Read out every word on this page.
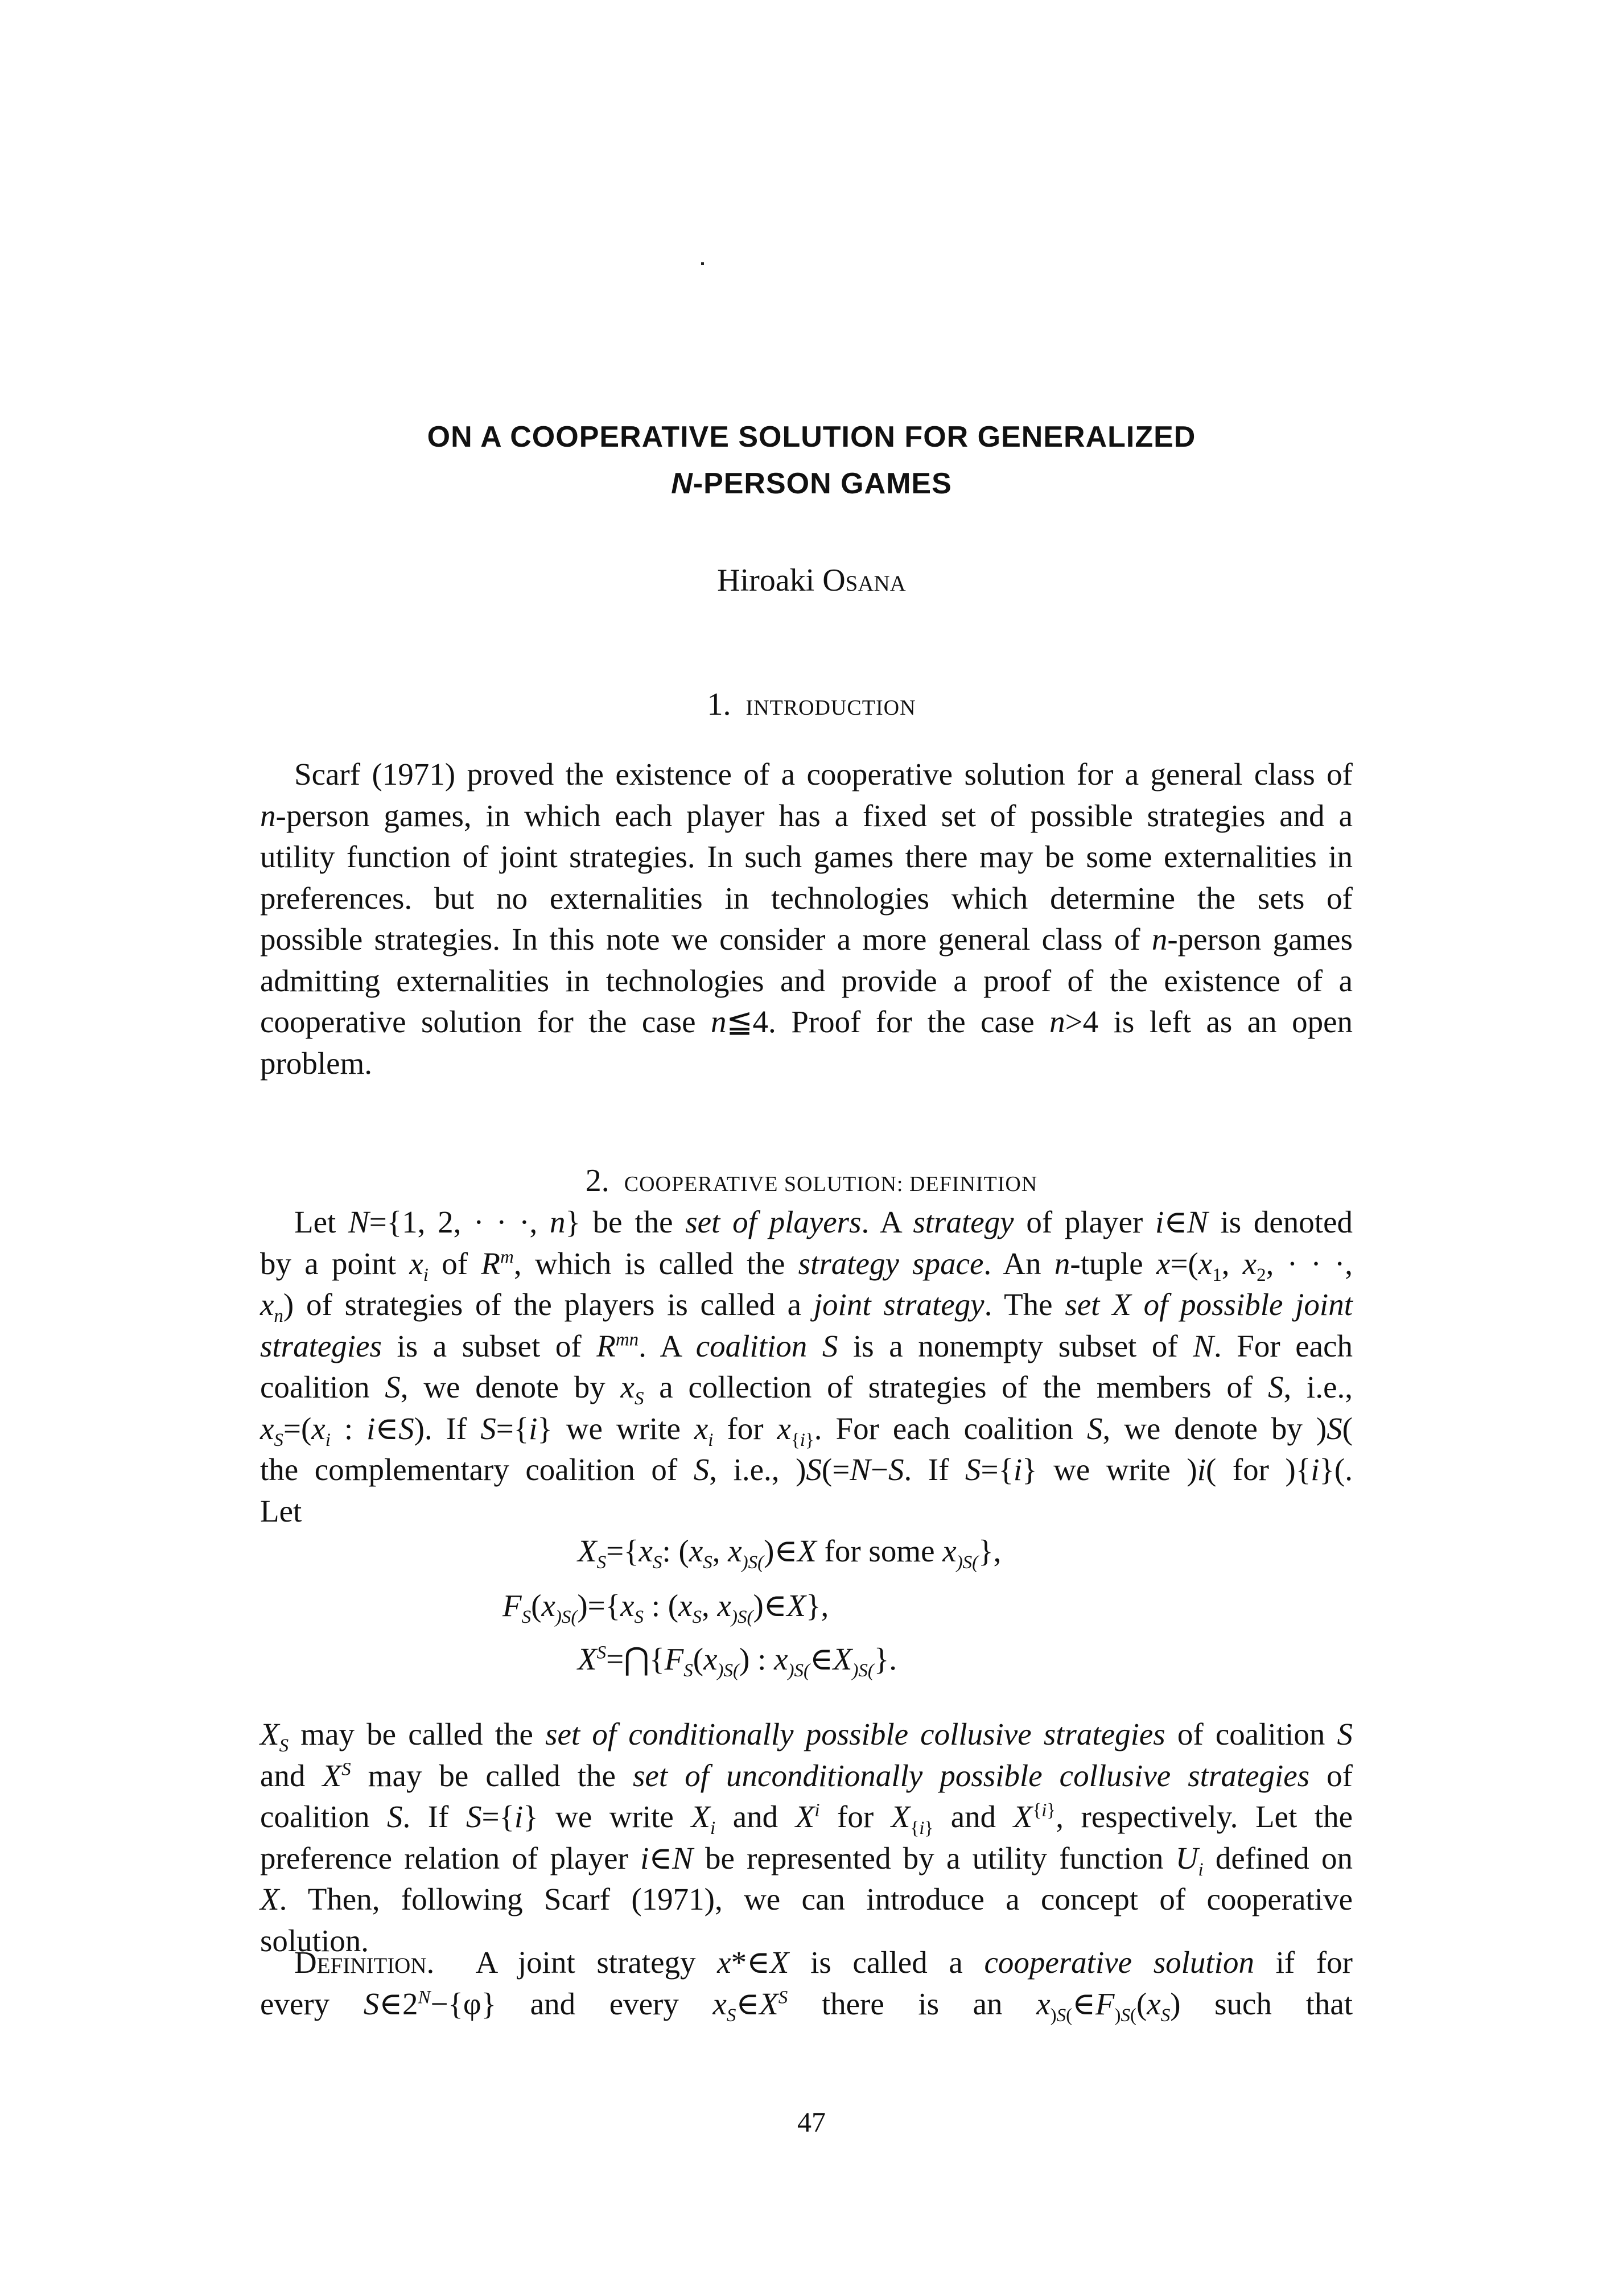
ON A COOPERATIVE SOLUTION FOR GENERALIZED
N-PERSON GAMES
Hiroaki Osana
1. INTRODUCTION
Scarf (1971) proved the existence of a cooperative solution for a general class of
n-person games, in which each player has a fixed set of possible strategies and a
utility function of joint strategies. In such games there may be some externalities in
preferences. but no externalities in technologies which determine the sets of
possible strategies. In this note we consider a more general class of n-person games
admitting externalities in technologies and provide a proof of the existence of a
cooperative solution for the case n≦4. Proof for the case n>4 is left as an open
problem.
2. COOPERATIVE SOLUTION: DEFINITION
Let N={1, 2, · · ·, n} be the set of players. A strategy of player i∈N is denoted
by a point $x_i$ of $R^m$, which is called the strategy space. An n-tuple $x=(x_1$, $x_2$, · · ·,
$x_n$) of strategies of the players is called a joint strategy. The set X of possible joint
strategies is a subset of $R^{mn}$. A coalition S is a nonempty subset of N. For each
coalition S, we denote by $x_S$ a collection of strategies of the members of S, i.e.,
$x_S=(x_i$ : i∈S). If S={i} we write $x_i$ for $x_{\{i\}}$. For each coalition S, we denote by )S(
the complementary coalition of S, i.e., )S(=N−S. If S={i} we write )i( for ){i}(.
Let
$X_S=\{x_S$: ($x_S$, $x_{)S(})\in X$ for some $x_{)S(}$},
$F_S(x_{)S(})=\{x_S$ : ($x_S$, $x_{)S(})\in X$},
$X^S=⋂\{F_S(x_{)S(})$ : $x_{)S(}\in X_{)S(}$}.
$X_S$ may be called the set of conditionally possible collusive strategies of coalition S
and $X^S$ may be called the set of unconditionally possible collusive strategies of
coalition S. If S={i} we write $X_i$ and $X^i$ for $X_{\{i\}}$ and $X^{\{i\}}$, respectively. Let the
preference relation of player i∈N be represented by a utility function $U_i$ defined on
X. Then, following Scarf (1971), we can introduce a concept of cooperative
solution.
Definition.  A joint strategy x*∈X is called a cooperative solution if for
every $S\in 2^N-\{\varphi\}$ and every $x_S\in X^S$ there is an $x_{)S(}\in F_{)S(}(x_S)$ such that
47
